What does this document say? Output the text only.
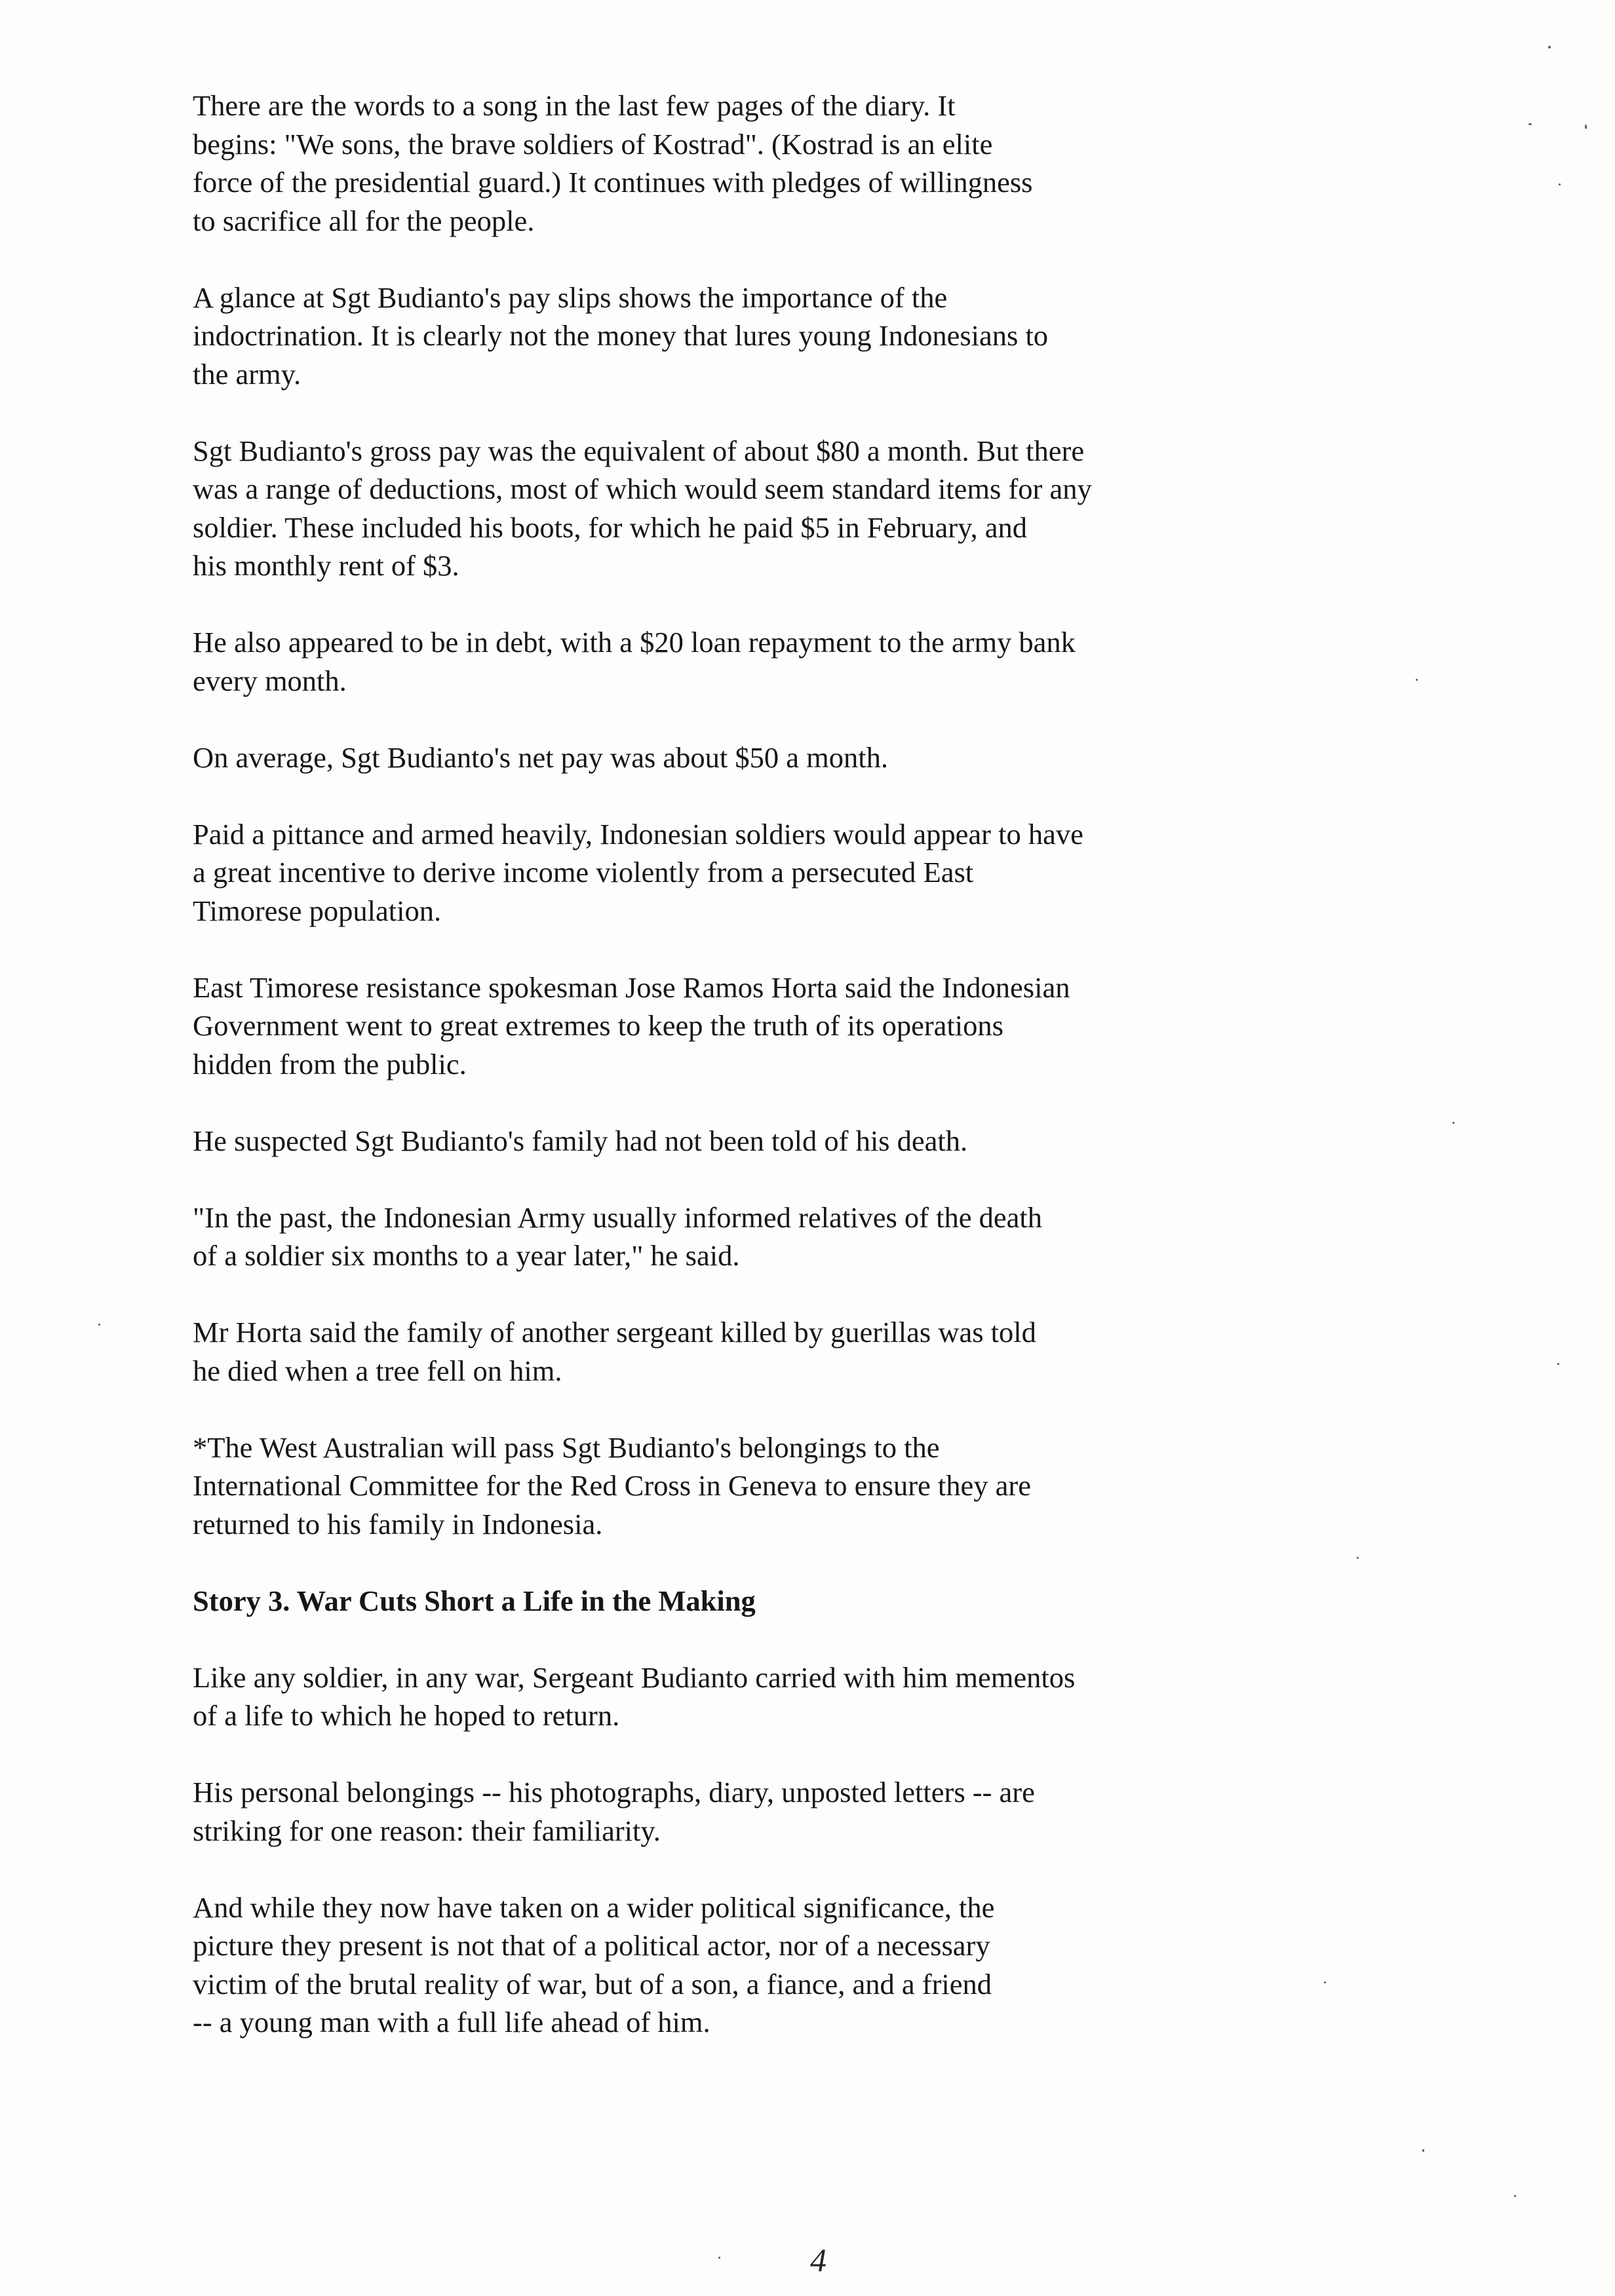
There are the words to a song in the last few pages of the diary. It
begins: "We sons, the brave soldiers of Kostrad". (Kostrad is an elite
force of the presidential guard.) It continues with pledges of willingness
to sacrifice all for the people.

A glance at Sgt Budianto's pay slips shows the importance of the
indoctrination. It is clearly not the money that lures young Indonesians to
the army.

Sgt Budianto's gross pay was the equivalent of about $80 a month. But there
was a range of deductions, most of which would seem standard items for any
soldier. These included his boots, for which he paid $5 in February, and
his monthly rent of $3.

He also appeared to be in debt, with a $20 loan repayment to the army bank
every month.

On average, Sgt Budianto's net pay was about $50 a month.

Paid a pittance and armed heavily, Indonesian soldiers would appear to have
a great incentive to derive income violently from a persecuted East
Timorese population.

East Timorese resistance spokesman Jose Ramos Horta said the Indonesian
Government went to great extremes to keep the truth of its operations
hidden from the public.

He suspected Sgt Budianto's family had not been told of his death.

"In the past, the Indonesian Army usually informed relatives of the death
of a soldier six months to a year later," he said.

Mr Horta said the family of another sergeant killed by guerillas was told
he died when a tree fell on him.

*The West Australian will pass Sgt Budianto's belongings to the
International Committee for the Red Cross in Geneva to ensure they are
returned to his family in Indonesia.

Story 3. War Cuts Short a Life in the Making

Like any soldier, in any war, Sergeant Budianto carried with him mementos
of a life to which he hoped to return.

His personal belongings -- his photographs, diary, unposted letters -- are
striking for one reason: their familiarity.

And while they now have taken on a wider political significance, the
picture they present is not that of a political actor, nor of a necessary
victim of the brutal reality of war, but of a son, a fiance, and a friend
-- a young man with a full life ahead of him.

4
